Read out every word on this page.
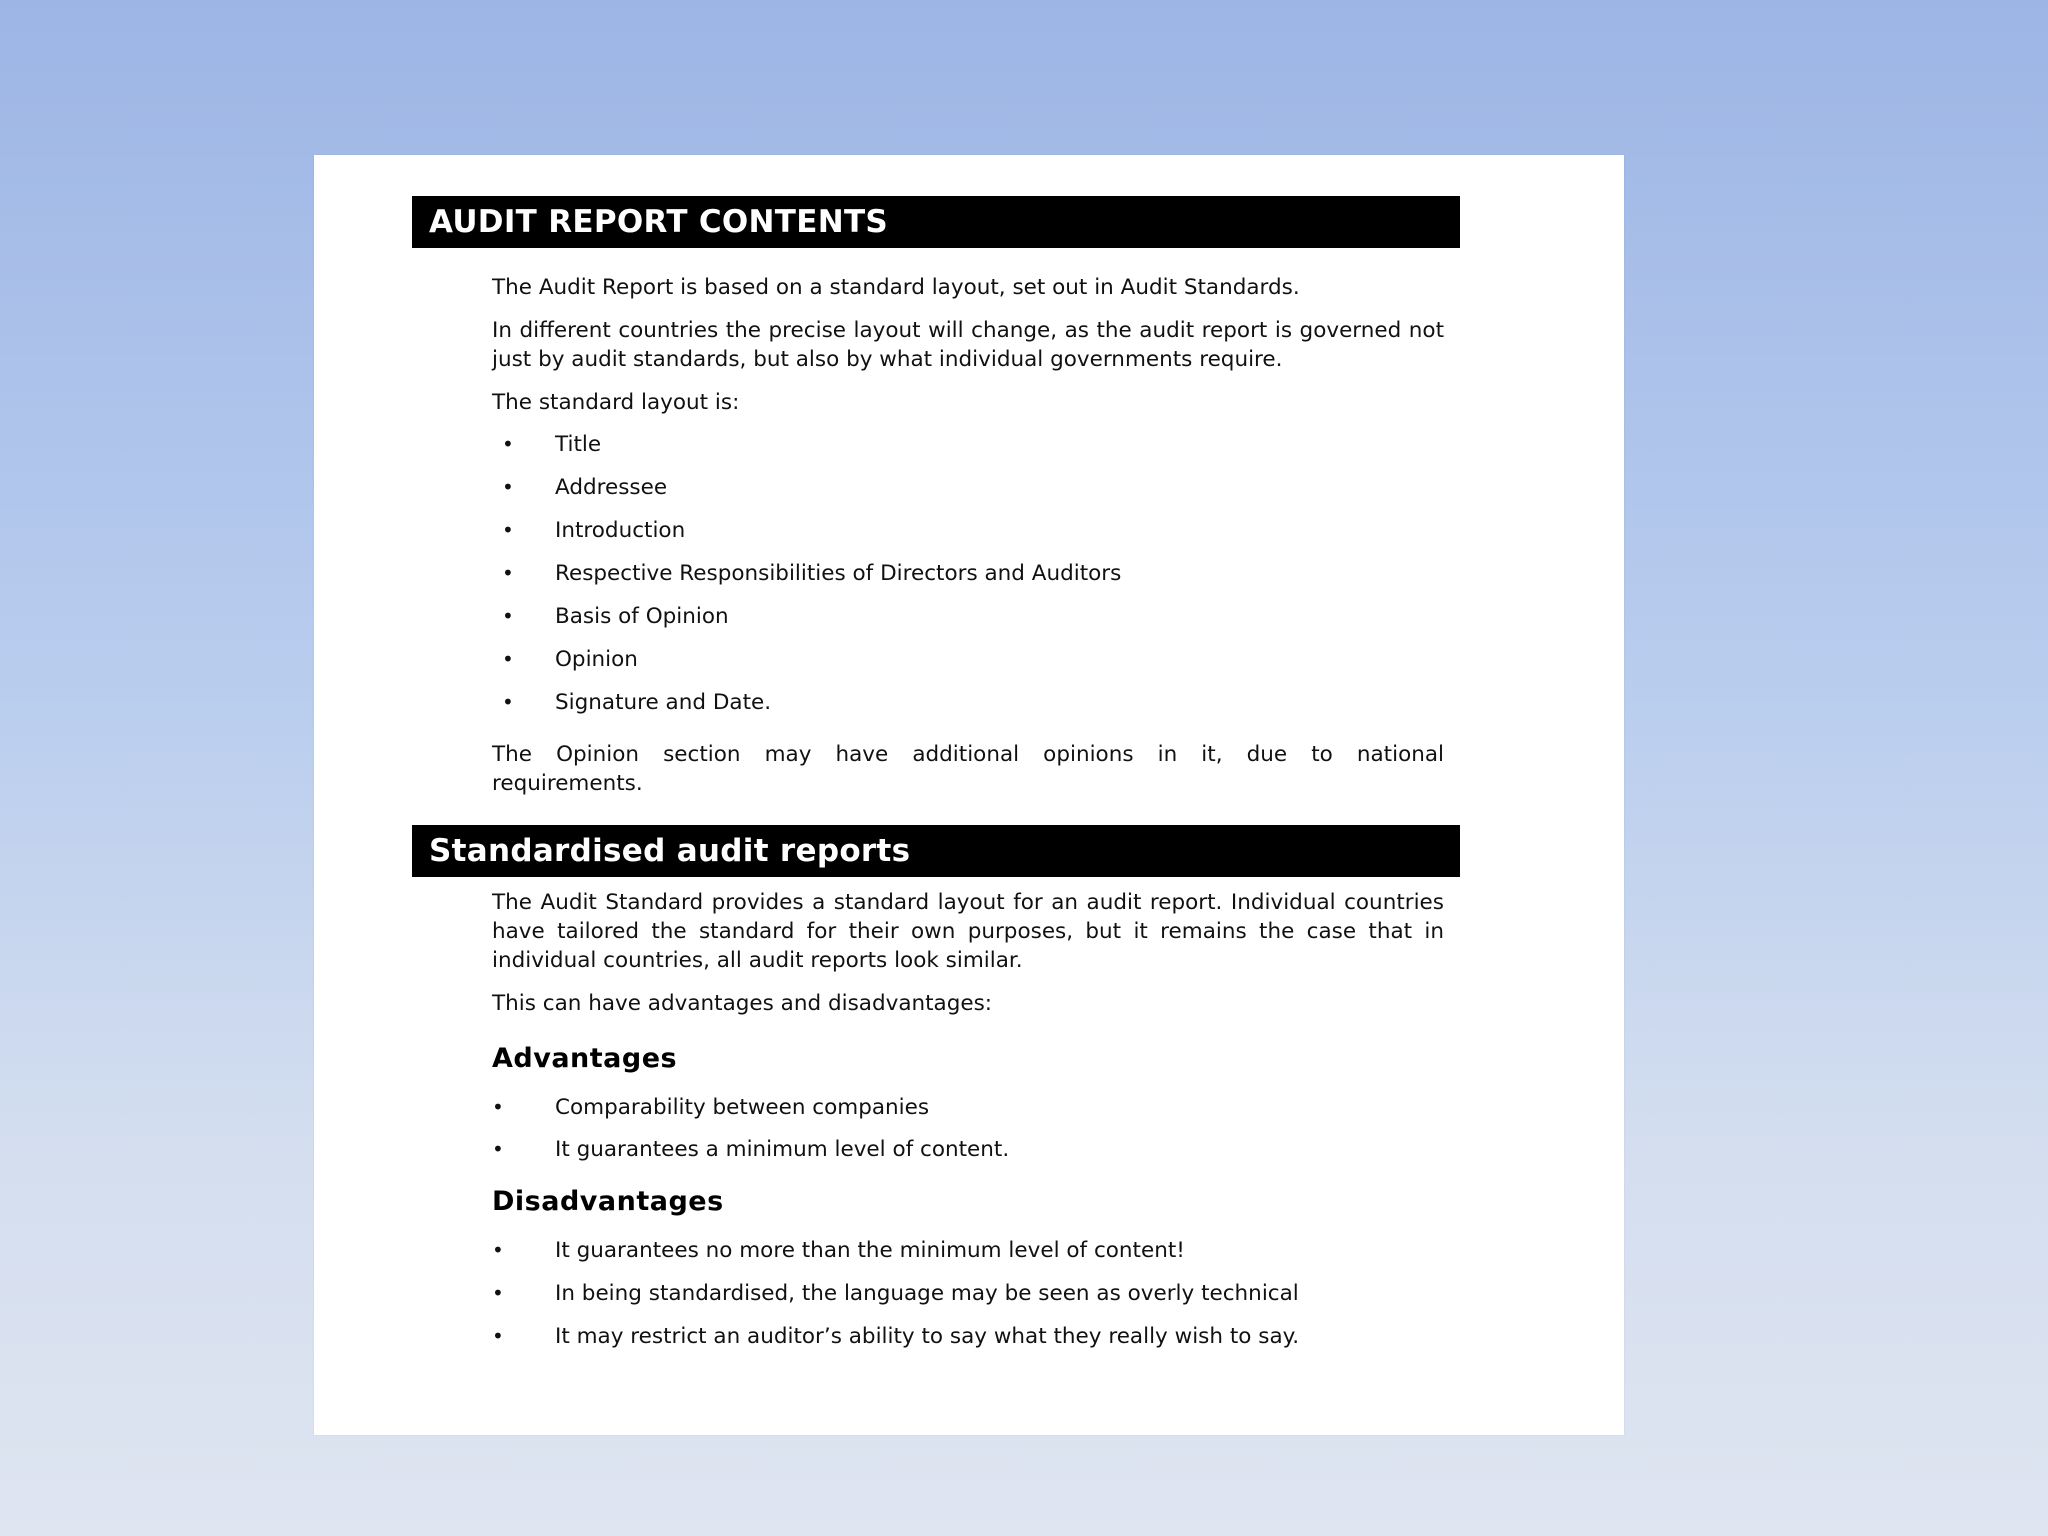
AUDIT REPORT CONTENTS

The Audit Report is based on a standard layout, set out in Audit Standards.

In different countries the precise layout will change, as the audit report is governed not just by audit standards, but also by what individual governments require.

The standard layout is:

• Title
• Addressee
• Introduction
• Respective Responsibilities of Directors and Auditors
• Basis of Opinion
• Opinion
• Signature and Date.

The Opinion section may have additional opinions in it, due to national requirements.

Standardised audit reports

The Audit Standard provides a standard layout for an audit report. Individual countries have tailored the standard for their own purposes, but it remains the case that in individual countries, all audit reports look similar.

This can have advantages and disadvantages:

Advantages
• Comparability between companies
• It guarantees a minimum level of content.
Disadvantages
• It guarantees no more than the minimum level of content!
• In being standardised, the language may be seen as overly technical
• It may restrict an auditor’s ability to say what they really wish to say.
